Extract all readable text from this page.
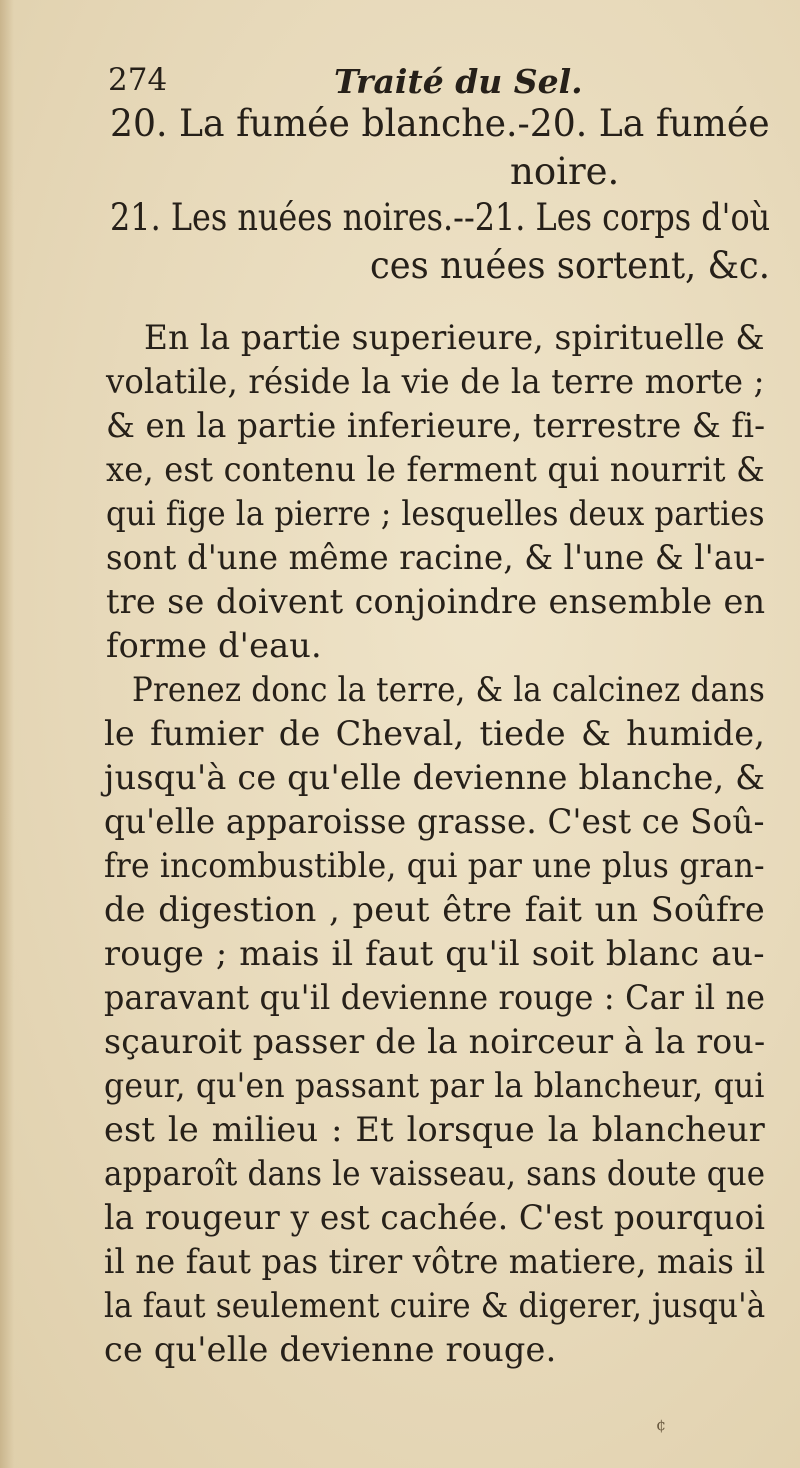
274	Traité du Sel.
20. La fumée blanche.-20. La fumée
noire.
21. Les nuées noires.--21. Les corps d'où
ces nuées sortent, &c.
En la partie superieure, spirituelle &
volatile, réside la vie de la terre morte ;
& en la partie inferieure, terrestre & fi-
xe, est contenu le ferment qui nourrit &
qui fige la pierre ; lesquelles deux parties
sont d'une même racine, & l'une & l'au-
tre se doivent conjoindre ensemble en
forme d'eau.
Prenez donc la terre, & la calcinez dans
le fumier de Cheval, tiede & humide,
jusqu'à ce qu'elle devienne blanche, &
qu'elle apparoisse grasse. C'est ce Soû-
fre incombustible, qui par une plus gran-
de digestion , peut être fait un Soûfre
rouge ; mais il faut qu'il soit blanc au-
paravant qu'il devienne rouge : Car il ne
sçauroit passer de la noirceur à la rou-
geur, qu'en passant par la blancheur, qui
est le milieu : Et lorsque la blancheur
apparoît dans le vaisseau, sans doute que
la rougeur y est cachée. C'est pourquoi
il ne faut pas tirer vôtre matiere, mais il
la faut seulement cuire & digerer, jusqu'à
ce qu'elle devienne rouge.
¢
